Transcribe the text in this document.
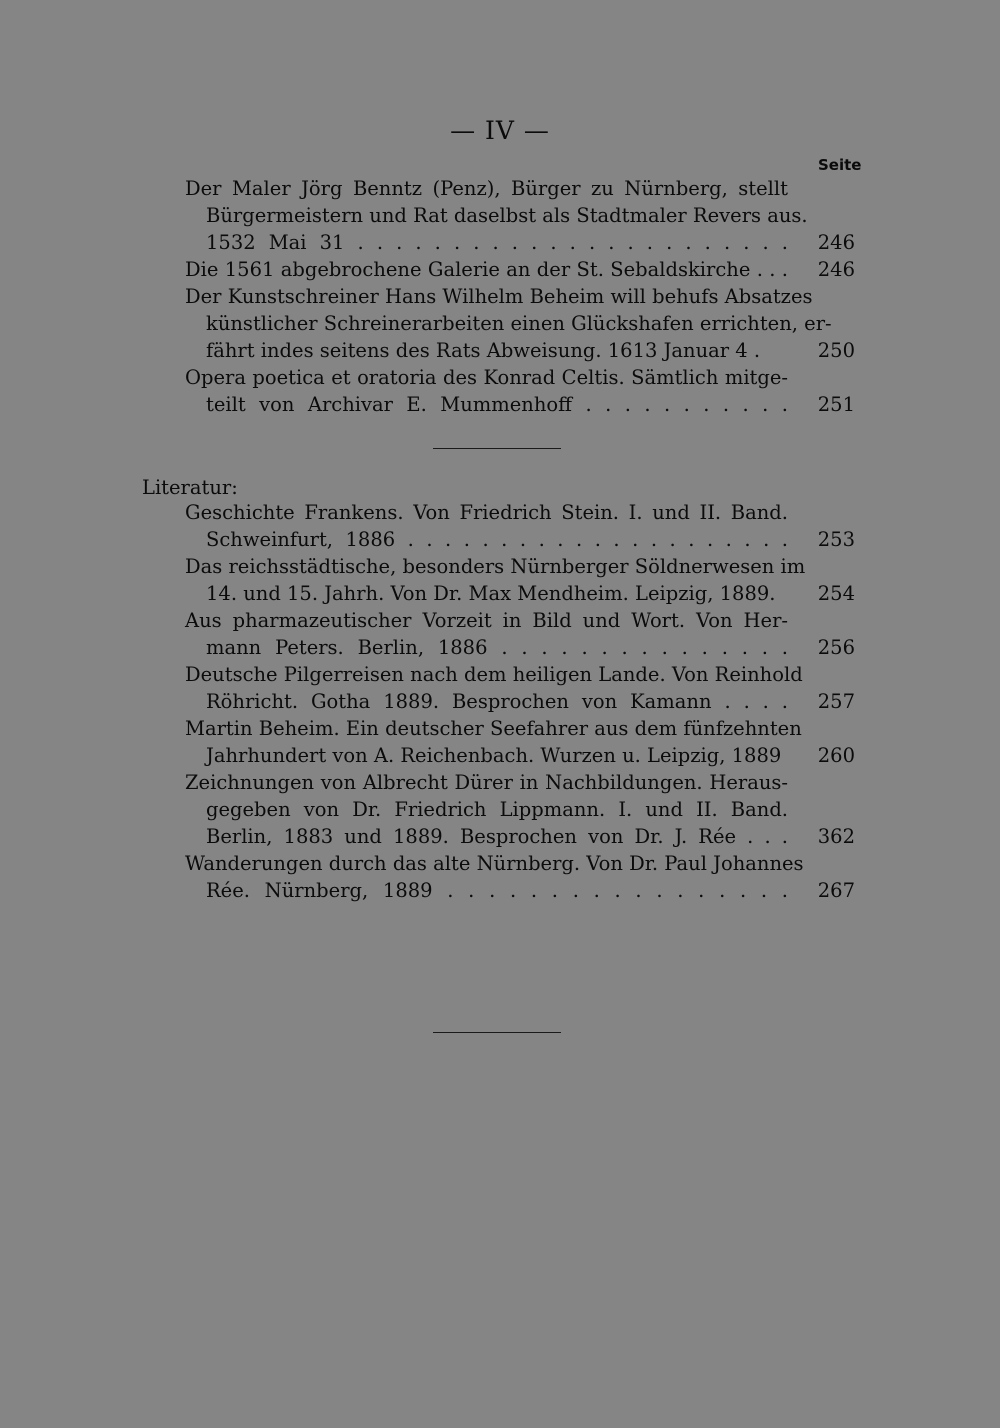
— IV —
Seite
Der Maler Jörg Benntz (Penz), Bürger zu Nürnberg, stellt
Bürgermeistern und Rat daselbst als Stadtmaler Revers aus.
1532 Mai 31 . . . . . . . . . . . . . . . . . . . . . . . 246
Die 1561 abgebrochene Galerie an der St. Sebaldskirche . . . 246
Der Kunstschreiner Hans Wilhelm Beheim will behufs Absatzes
künstlicher Schreinerarbeiten einen Glückshafen errichten, er-
fährt indes seitens des Rats Abweisung. 1613 Januar 4 .	250
Opera poetica et oratoria des Konrad Celtis. Sämtlich mitge-
teilt von Archivar E. Mummenhoff . . . . . . . . . . . 251
Literatur:
Geschichte Frankens. Von Friedrich Stein. I. und II. Band.
Schweinfurt, 1886 . . . . . . . . . . . . . . . . . . . . . 253
Das reichsstädtische, besonders Nürnberger Söldnerwesen im
14. und 15. Jahrh. Von Dr. Max Mendheim. Leipzig, 1889. 254
Aus pharmazeutischer Vorzeit in Bild und Wort. Von Her-
mann Peters. Berlin, 1886 . . . . . . . . . . . . . . . 256
Deutsche Pilgerreisen nach dem heiligen Lande. Von Reinhold
Röhricht. Gotha 1889. Besprochen von Kamann . . . . 257
Martin Beheim. Ein deutscher Seefahrer aus dem fünfzehnten
Jahrhundert von A. Reichenbach. Wurzen u. Leipzig, 1889 260
Zeichnungen von Albrecht Dürer in Nachbildungen. Heraus-
gegeben von Dr. Friedrich Lippmann. I. und II. Band.
Berlin, 1883 und 1889. Besprochen von Dr. J. Rée . . . 362
Wanderungen durch das alte Nürnberg. Von Dr. Paul Johannes
Rée. Nürnberg, 1889 . . . . . . . . . . . . . . . . . 267
